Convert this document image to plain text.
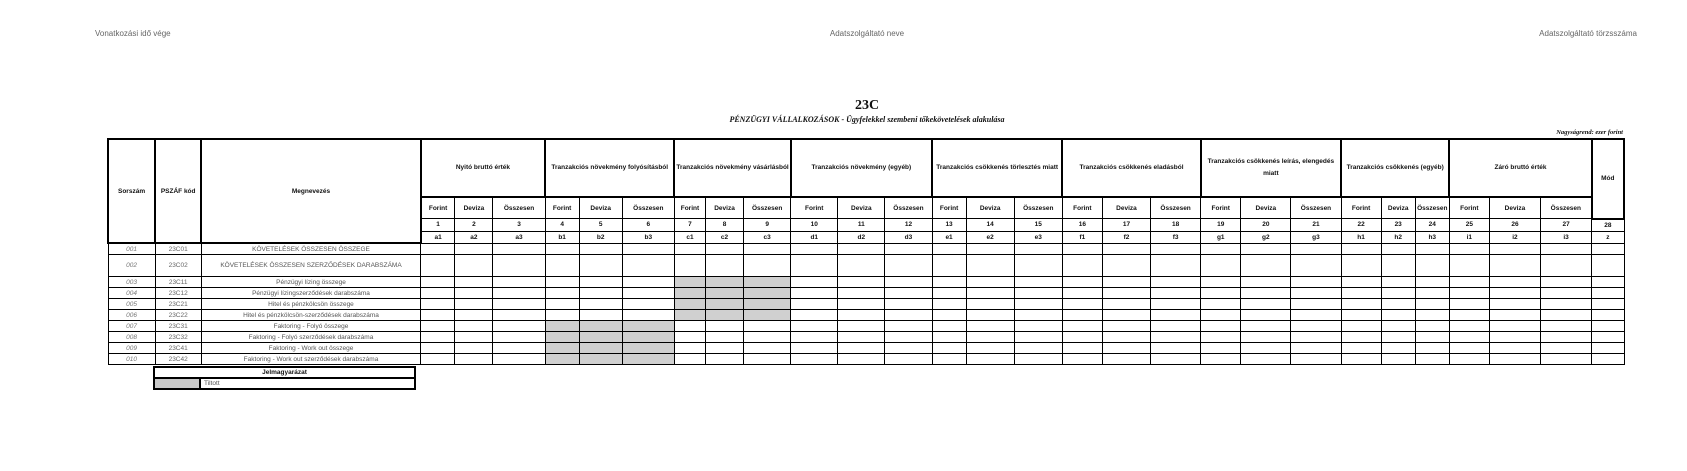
Vonatkozási idő vége	Adatszolgáltató neve	Adatszolgáltató törzsszáma
23C
PÉNZÜGYI VÁLLALKOZÁSOK - Ügyfelekkel szembeni tőkekövetelések alakulása
Nagyságrend: ezer forint
Sorszám	PSZÁF kód	Megnevezés	Nyitó bruttó érték			Tranzakciós növekmény folyósításból			Tranzakciós növekmény vásárlásból			Tranzakciós növekmény (egyéb)			Tranzakciós csökkenés törlesztés miatt			Tranzakciós csökkenés eladásból			Tranzakciós csökkenés leírás, elengedés miatt			Tranzakciós csökkenés (egyéb)			Záró bruttó érték			Mód
			Forint	Deviza	Összesen	Forint	Deviza	Összesen	Forint	Deviza	Összesen	Forint	Deviza	Összesen	Forint	Deviza	Összesen	Forint	Deviza	Összesen	Forint	Deviza	Összesen	Forint	Deviza	Összesen	Forint	Deviza	Összesen	
			1	2	3	4	5	6	7	8	9	10	11	12	13	14	15	16	17	18	19	20	21	22	23	24	25	26	27	28
			a1	a2	a3	b1	b2	b3	c1	c2	c3	d1	d2	d3	e1	e2	e3	f1	f2	f3	g1	g2	g3	h1	h2	h3	i1	i2	i3	z
001	23C01	KÖVETELÉSEK ÖSSZESEN ÖSSZEGE																												
002	23C02	KÖVETELÉSEK ÖSSZESEN SZERZŐDÉSEK DARABSZÁMA																												
003	23C11	Pénzügyi lízing összege																												
004	23C12	Pénzügyi lízingszerződések darabszáma																												
005	23C21	Hitel és pénzkölcsön összege																												
006	23C22	Hitel és pénzkölcsön-szerződések darabszáma																												
007	23C31	Faktoring - Folyó összege																												
008	23C32	Faktoring - Folyó szerződések darabszáma																												
009	23C41	Faktoring - Work out összege																												
010	23C42	Faktoring - Work out szerződések darabszáma																												
Jelmagyarázat
	Tiltott
